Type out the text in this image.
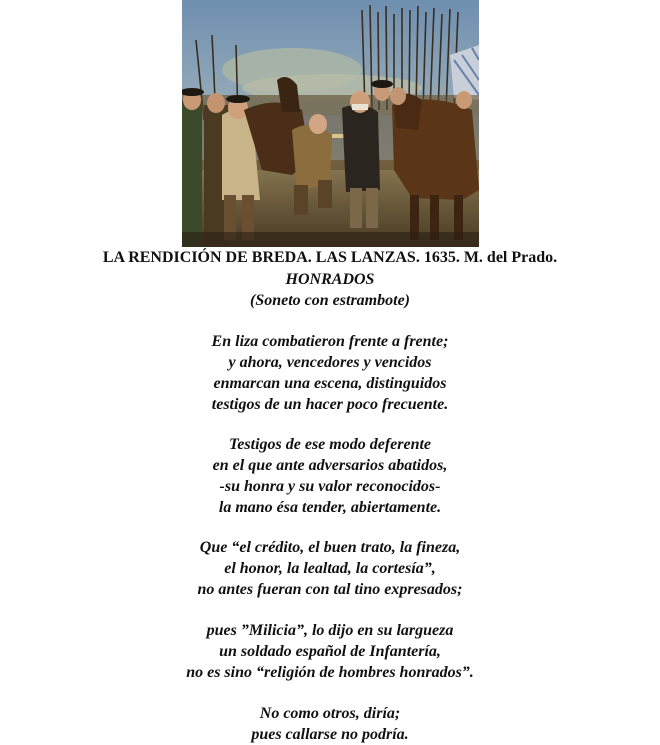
LA RENDICIÓN DE BREDA. LAS LANZAS. 1635. M. del Prado.
HONRADOS
(Soneto con estrambote)
En liza combatieron frente a frente;
y ahora, vencedores y vencidos
enmarcan una escena, distinguidos
testigos de un hacer poco frecuente.
Testigos de ese modo deferente
en el que ante adversarios abatidos,
-su honra y su valor reconocidos-
la mano ésa tender, abiertamente.
Que “el crédito, el buen trato, la fineza,
el honor, la lealtad, la cortesía”,
no antes fueran con tal tino expresados;
pues ”Milicia”, lo dijo en su largueza
un soldado español de Infantería,
no es sino “religión de hombres honrados”.
No como otros, diría;
pues callarse no podría.
